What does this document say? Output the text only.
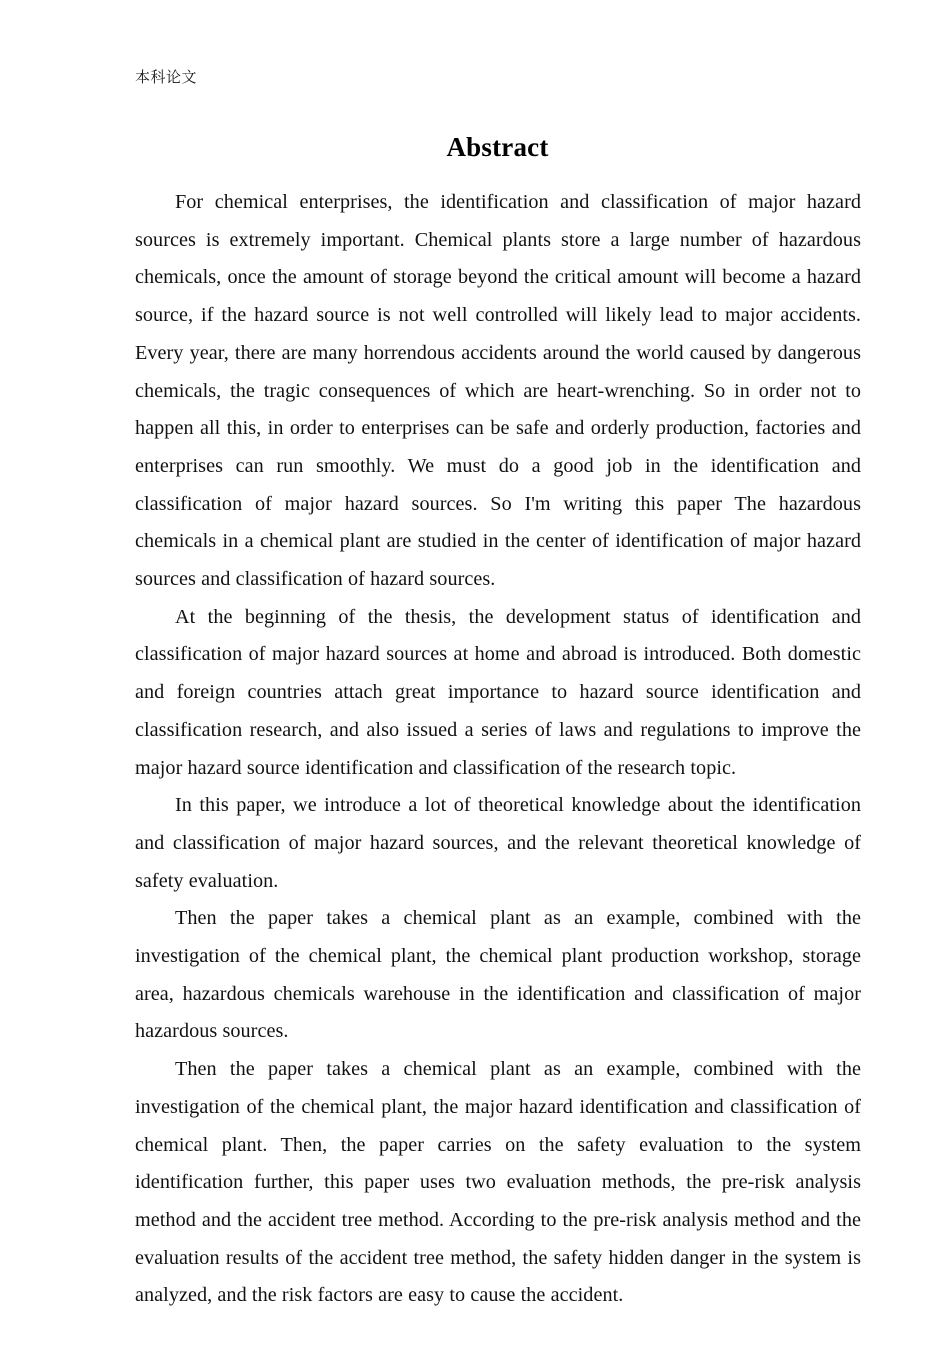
本科论文
Abstract

For chemical enterprises, the identification and classification of major hazard sources is extremely important. Chemical plants store a large number of hazardous chemicals, once the amount of storage beyond the critical amount will become a hazard source, if the hazard source is not well controlled will likely lead to major accidents. Every year, there are many horrendous accidents around the world caused by dangerous chemicals, the tragic consequences of which are heart-wrenching. So in order not to happen all this, in order to enterprises can be safe and orderly production, factories and enterprises can run smoothly. We must do a good job in the identification and classification of major hazard sources. So I'm writing this paper The hazardous chemicals in a chemical plant are studied in the center of identification of major hazard sources and classification of hazard sources.

At the beginning of the thesis, the development status of identification and classification of major hazard sources at home and abroad is introduced. Both domestic and foreign countries attach great importance to hazard source identification and classification research, and also issued a series of laws and regulations to improve the major hazard source identification and classification of the research topic.

In this paper, we introduce a lot of theoretical knowledge about the identification and classification of major hazard sources, and the relevant theoretical knowledge of safety evaluation.

Then the paper takes a chemical plant as an example, combined with the investigation of the chemical plant, the chemical plant production workshop, storage area, hazardous chemicals warehouse in the identification and classification of major hazardous sources.

Then the paper takes a chemical plant as an example, combined with the investigation of the chemical plant, the major hazard identification and classification of chemical plant. Then, the paper carries on the safety evaluation to the system identification further, this paper uses two evaluation methods, the pre-risk analysis method and the accident tree method. According to the pre-risk analysis method and the evaluation results of the accident tree method, the safety hidden danger in the system is analyzed, and the risk factors are easy to cause the accident.
